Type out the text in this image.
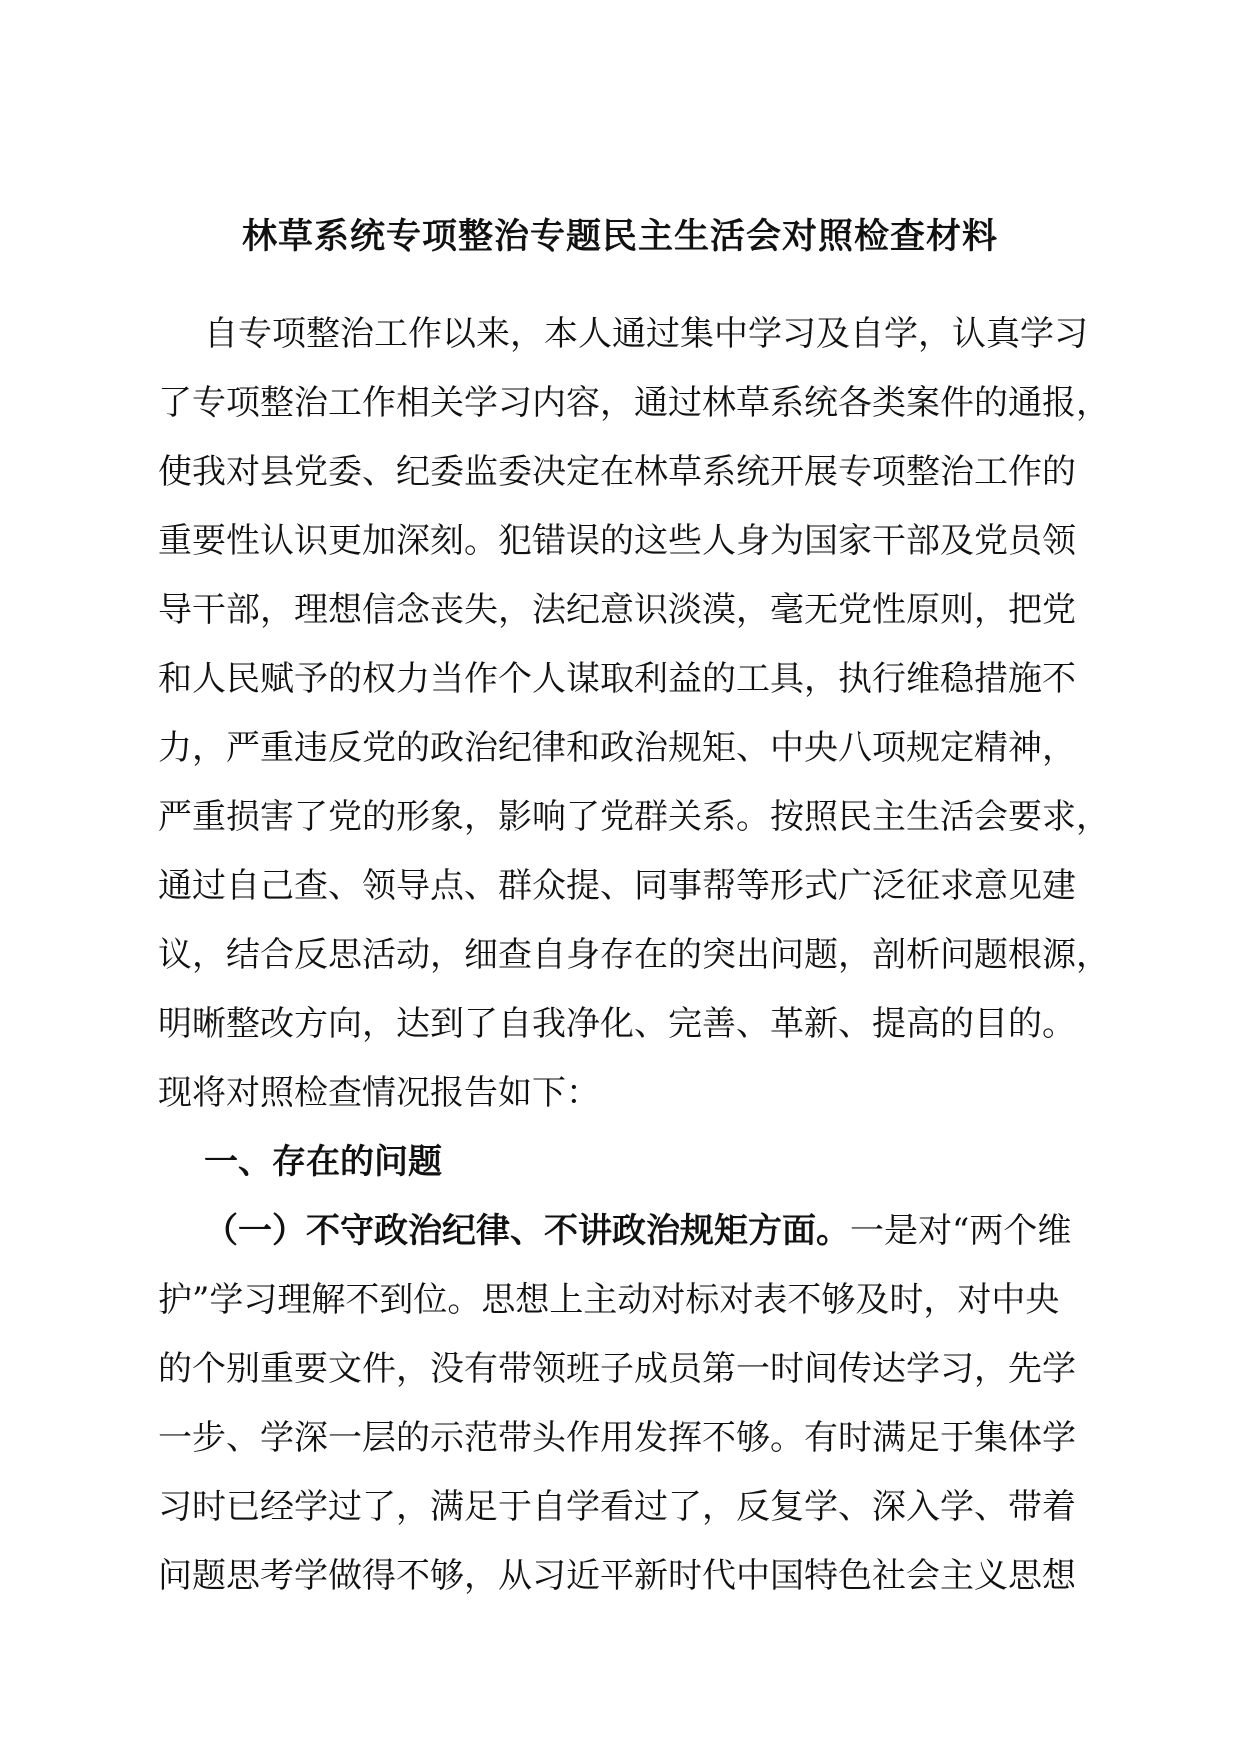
林草系统专项整治专题民主生活会对照检查材料
自专项整治工作以来，本人通过集中学习及自学，认真学习
了专项整治工作相关学习内容，通过林草系统各类案件的通报，
使我对县党委、纪委监委决定在林草系统开展专项整治工作的
重要性认识更加深刻。犯错误的这些人身为国家干部及党员领
导干部，理想信念丧失，法纪意识淡漠，毫无党性原则，把党
和人民赋予的权力当作个人谋取利益的工具，执行维稳措施不
力，严重违反党的政治纪律和政治规矩、中央八项规定精神，
严重损害了党的形象，影响了党群关系。按照民主生活会要求，
通过自己查、领导点、群众提、同事帮等形式广泛征求意见建
议，结合反思活动，细查自身存在的突出问题，剖析问题根源，
明晰整改方向，达到了自我净化、完善、革新、提高的目的。
现将对照检查情况报告如下：
一、存在的问题
（一）不守政治纪律、不讲政治规矩方面。一是对“两个维
护”学习理解不到位。思想上主动对标对表不够及时，对中央
的个别重要文件，没有带领班子成员第一时间传达学习，先学
一步、学深一层的示范带头作用发挥不够。有时满足于集体学
习时已经学过了，满足于自学看过了，反复学、深入学、带着
问题思考学做得不够，从习近平新时代中国特色社会主义思想
